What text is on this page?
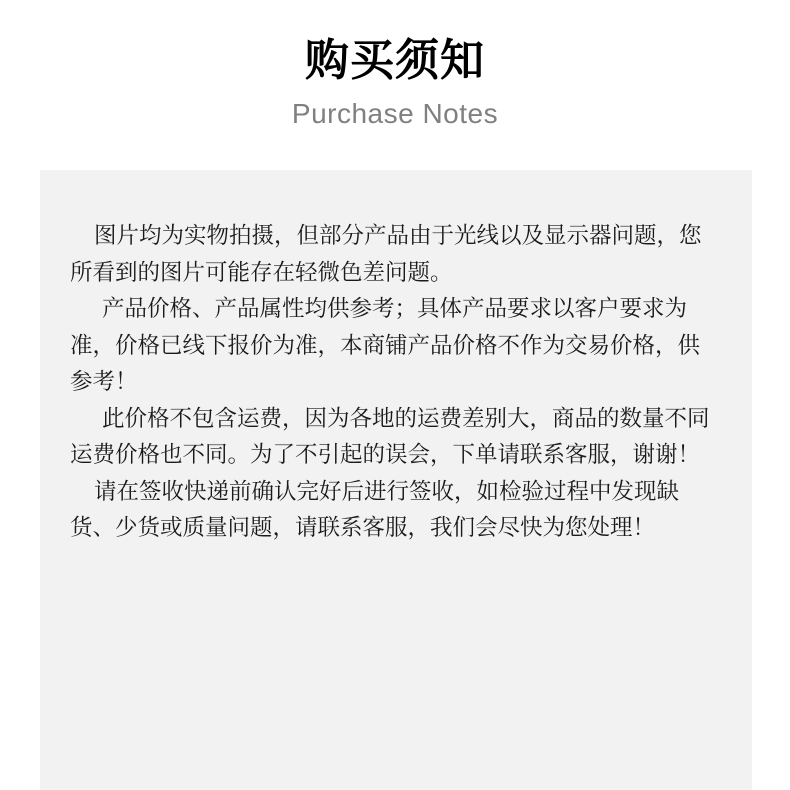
购买须知
Purchase Notes

图片均为实物拍摄，但部分产品由于光线以及显示器问题，您所看到的图片可能存在轻微色差问题。

产品价格、产品属性均供参考；具体产品要求以客户要求为准，价格已线下报价为准，本商铺产品价格不作为交易价格，供参考！

此价格不包含运费，因为各地的运费差别大，商品的数量不同运费价格也不同。为了不引起的误会，下单请联系客服，谢谢！

请在签收快递前确认完好后进行签收，如检验过程中发现缺货、少货或质量问题，请联系客服，我们会尽快为您处理！
